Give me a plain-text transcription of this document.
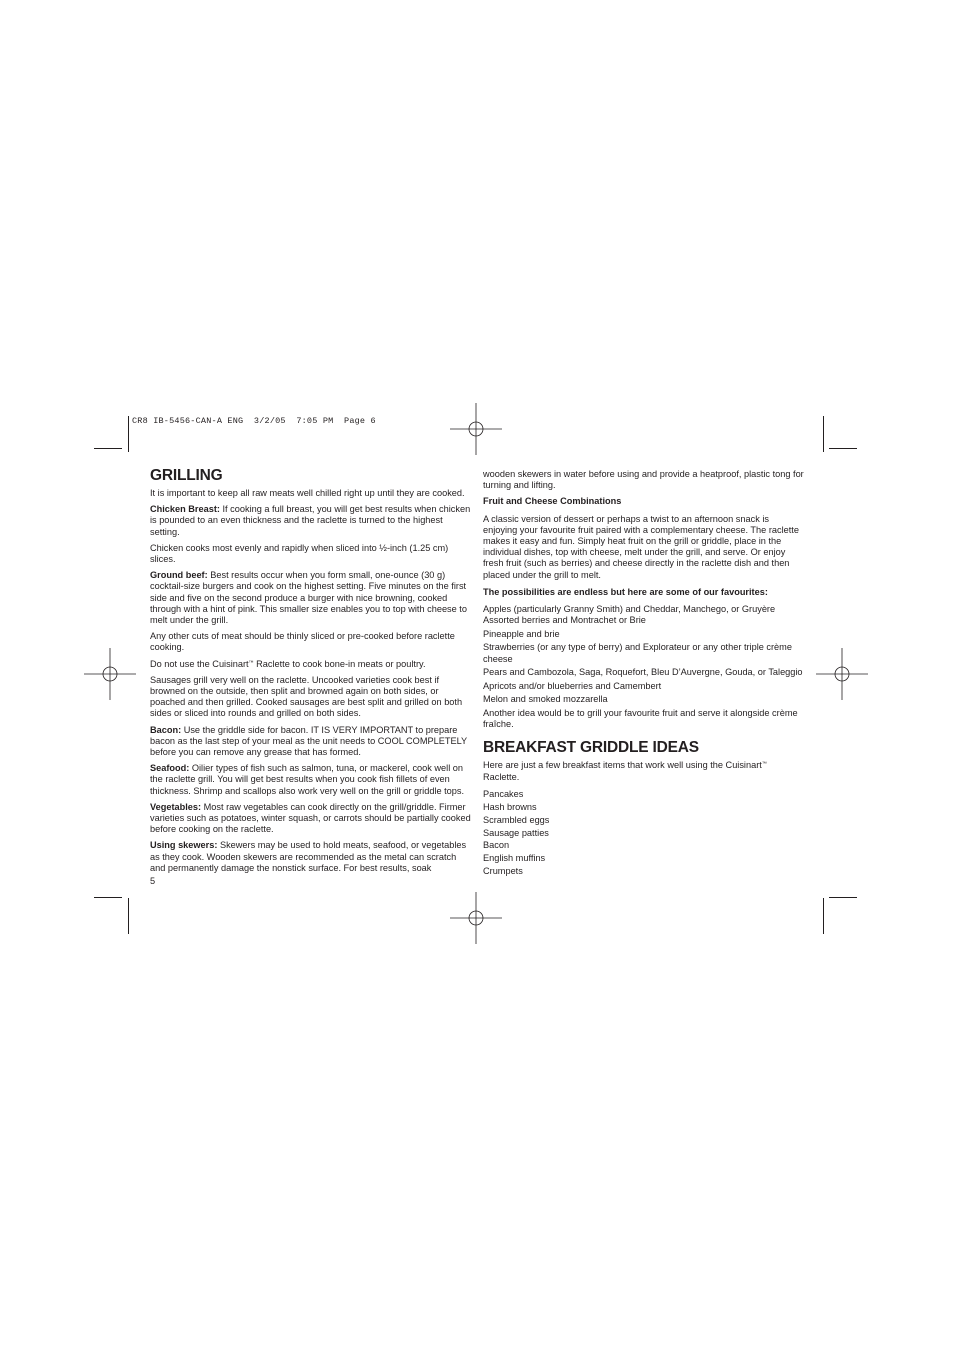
CR8 IB-5456-CAN-A ENG  3/2/05  7:05 PM  Page 6
GRILLING

It is important to keep all raw meats well chilled right up until they are cooked.

Chicken Breast: If cooking a full breast, you will get best results when chicken is pounded to an even thickness and the raclette is turned to the highest setting.

Chicken cooks most evenly and rapidly when sliced into ½-inch (1.25 cm) slices.

Ground beef: Best results occur when you form small, one-ounce (30 g) cocktail-size burgers and cook on the highest setting. Five minutes on the first side and five on the second produce a burger with nice browning, cooked through with a hint of pink. This smaller size enables you to top with cheese to melt under the grill.

Any other cuts of meat should be thinly sliced or pre-cooked before raclette cooking.

Do not use the Cuisinart™ Raclette to cook bone-in meats or poultry.

Sausages grill very well on the raclette. Uncooked varieties cook best if browned on the outside, then split and browned again on both sides, or poached and then grilled. Cooked sausages are best split and grilled on both sides or sliced into rounds and grilled on both sides.

Bacon: Use the griddle side for bacon. IT IS VERY IMPORTANT to prepare bacon as the last step of your meal as the unit needs to COOL COMPLETELY before you can remove any grease that has formed.

Seafood: Oilier types of fish such as salmon, tuna, or mackerel, cook well on the raclette grill. You will get best results when you cook fish fillets of even thickness. Shrimp and scallops also work very well on the grill or griddle tops.

Vegetables: Most raw vegetables can cook directly on the grill/griddle. Firmer varieties such as potatoes, winter squash, or carrots should be partially cooked before cooking on the raclette.

Using skewers: Skewers may be used to hold meats, seafood, or vegetables as they cook. Wooden skewers are recommended as the metal can scratch and permanently damage the nonstick surface. For best results, soak

5

wooden skewers in water before using and provide a heatproof, plastic tong for turning and lifting.

Fruit and Cheese Combinations

A classic version of dessert or perhaps a twist to an afternoon snack is enjoying your favourite fruit paired with a complementary cheese. The raclette makes it easy and fun. Simply heat fruit on the grill or griddle, place in the individual dishes, top with cheese, melt under the grill, and serve. Or enjoy fresh fruit (such as berries) and cheese directly in the raclette dish and then placed under the grill to melt.

The possibilities are endless but here are some of our favourites:

Apples (particularly Granny Smith) and Cheddar, Manchego, or Gruyère

Assorted berries and Montrachet or Brie

Pineapple and brie

Strawberries (or any type of berry) and Explorateur or any other triple crème cheese

Pears and Cambozola, Saga, Roquefort, Bleu D’Auvergne, Gouda, or Taleggio

Apricots and/or blueberries and Camembert

Melon and smoked mozzarella

Another idea would be to grill your favourite fruit and serve it alongside crème fraîche.

BREAKFAST GRIDDLE IDEAS

Here are just a few breakfast items that work well using the Cuisinart™ Raclette.

Pancakes

Hash browns

Scrambled eggs

Sausage patties

Bacon

English muffins

Crumpets
